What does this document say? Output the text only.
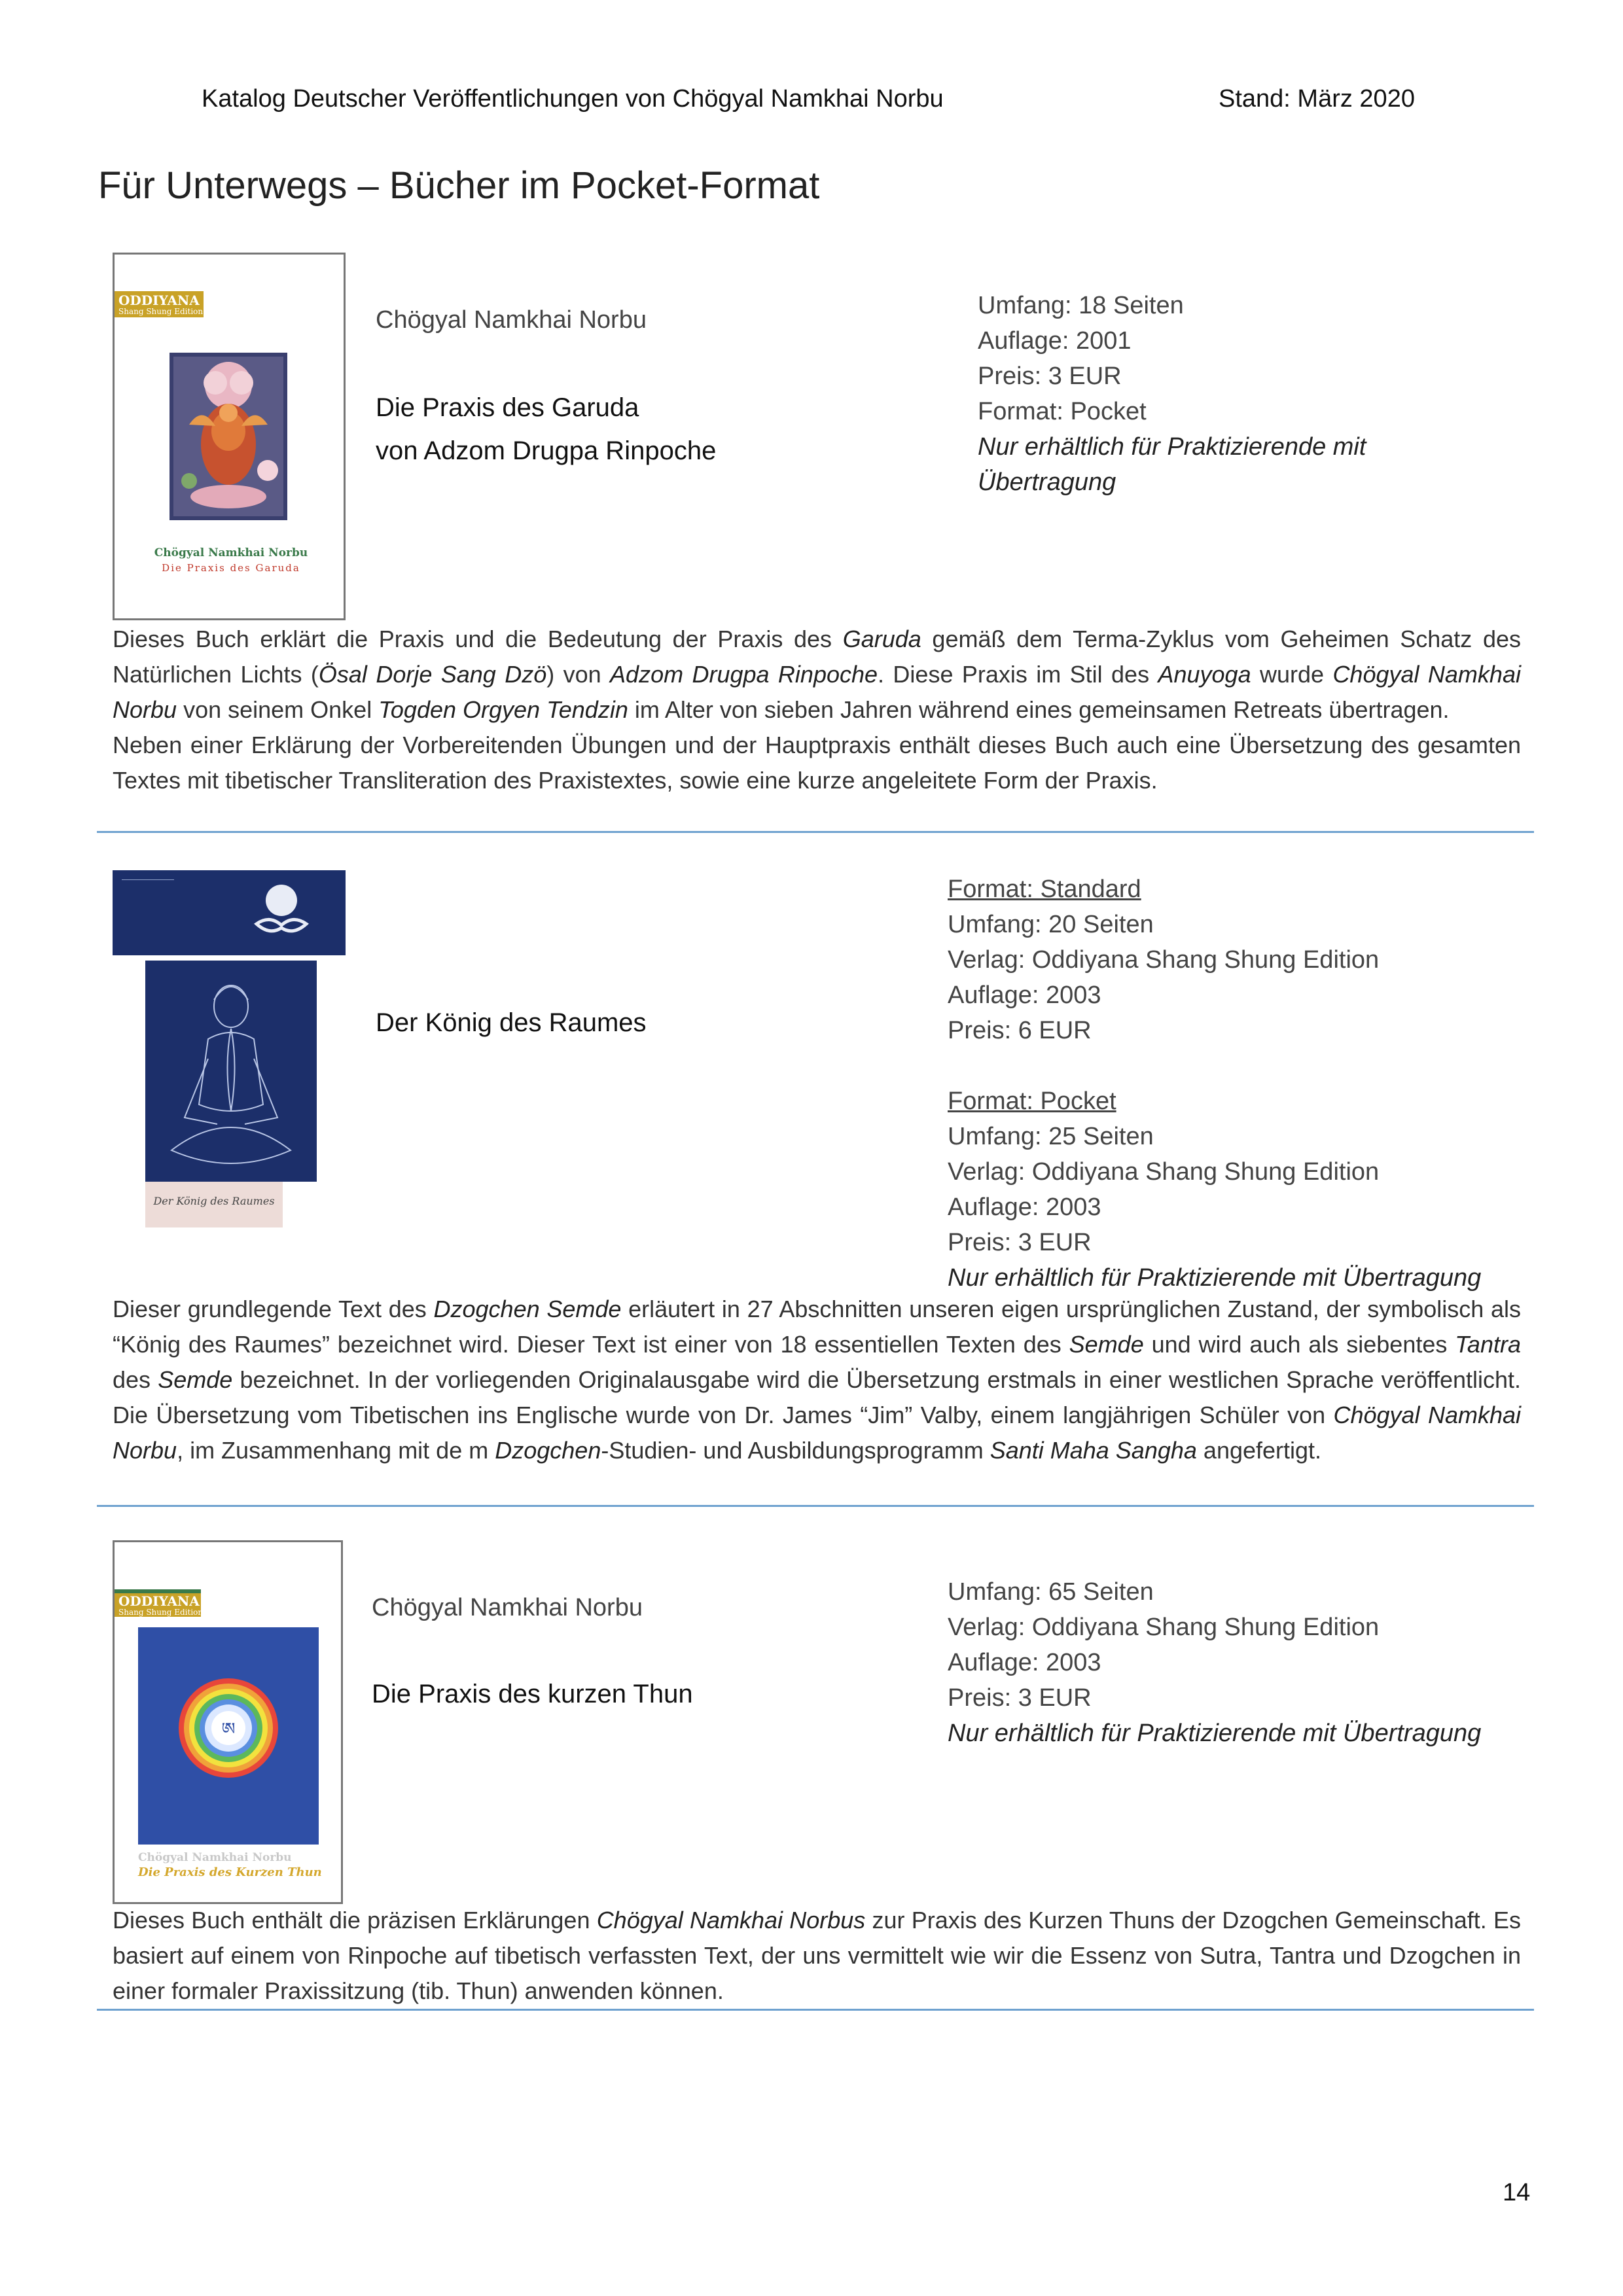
Katalog Deutscher Veröffentlichungen von Chögyal Namkhai Norbu	Stand: März 2020
Für Unterwegs – Bücher im Pocket-Format
ODDIYANA
Shang Shung Edition
Chögyal Namkhai Norbu
Die Praxis des Garuda
Chögyal Namkhai Norbu
Die Praxis des Garuda
von Adzom Drugpa Rinpoche
Umfang: 18 Seiten
Auflage: 2001
Preis: 3 EUR
Format: Pocket
Nur erhältlich für Praktizierende mit
Übertragung

Dieses Buch erklärt die Praxis und die Bedeutung der Praxis des Garuda gemäß dem Terma-Zyklus vom Geheimen Schatz des Natürlichen Lichts (Ösal Dorje Sang Dzö) von Adzom Drugpa Rinpoche. Diese Praxis im Stil des Anuyoga wurde Chögyal Namkhai Norbu von seinem Onkel Togden Orgyen Tendzin im Alter von sieben Jahren während eines gemeinsamen Retreats übertragen.

Neben einer Erklärung der Vorbereitenden Übungen und der Hauptpraxis enthält dieses Buch auch eine Übersetzung des gesamten Textes mit tibetischer Transliteration des Praxistextes, sowie eine kurze angeleitete Form der Praxis.

Der König des Raumes
Der König des Raumes
Format: Standard
Umfang: 20 Seiten
Verlag: Oddiyana Shang Shung Edition
Auflage: 2003
Preis: 6 EUR
Format: Pocket
Umfang: 25 Seiten
Verlag: Oddiyana Shang Shung Edition
Auflage: 2003
Preis: 3 EUR
Nur erhältlich für Praktizierende mit Übertragung

Dieser grundlegende Text des Dzogchen Semde erläutert in 27 Abschnitten unseren eigen ursprünglichen Zustand, der symbolisch als “König des Raumes” bezeichnet wird. Dieser Text ist einer von 18 essentiellen Texten des Semde und wird auch als siebentes Tantra des Semde bezeichnet. In der vorliegenden Originalausgabe wird die Übersetzung erstmals in einer westlichen Sprache veröffentlicht. Die Übersetzung vom Tibetischen ins Englische wurde von Dr. James “Jim” Valby, einem langjährigen Schüler von Chögyal Namkhai Norbu, im Zusammenhang mit de m Dzogchen-Studien- und Ausbildungsprogramm Santi Maha Sangha angefertigt.

ODDIYANA
Shang Shung Edition
ཨ
Chögyal Namkhai Norbu
Die Praxis des Kurzen Thun
Chögyal Namkhai Norbu
Die Praxis des kurzen Thun
Umfang: 65 Seiten
Verlag: Oddiyana Shang Shung Edition
Auflage: 2003
Preis: 3 EUR
Nur erhältlich für Praktizierende mit Übertragung

Dieses Buch enthält die präzisen Erklärungen Chögyal Namkhai Norbus zur Praxis des Kurzen Thuns der Dzogchen Gemeinschaft. Es basiert auf einem von Rinpoche auf tibetisch verfassten Text, der uns vermittelt wie wir die Essenz von Sutra, Tantra und Dzogchen in einer formaler Praxissitzung (tib. Thun) anwenden können.

14
